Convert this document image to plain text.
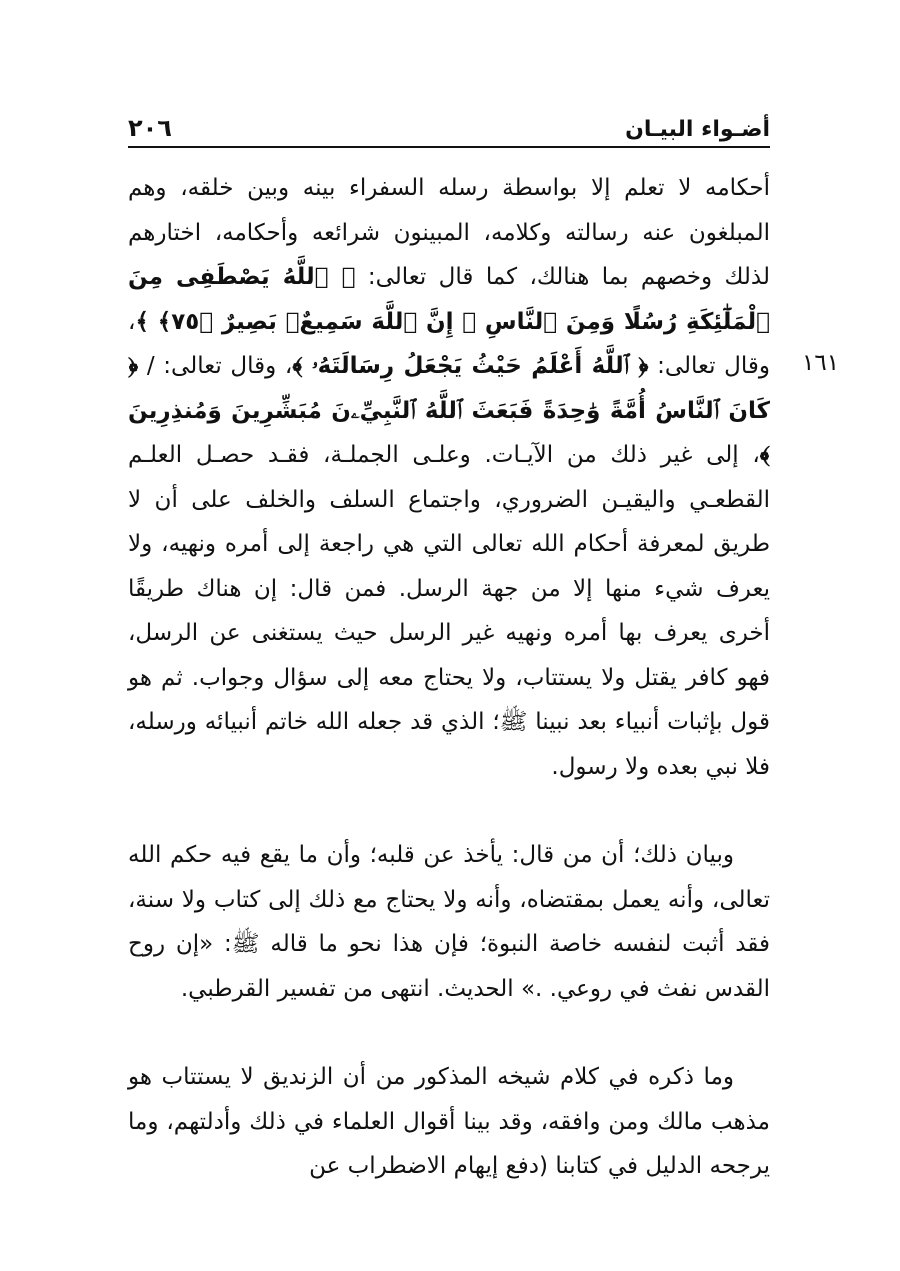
أضـواء البيـان
٢٠٦
١٦١

أحكامه لا تعلم إلا بواسطة رسله السفراء بينه وبين خلقه، وهم المبلغون عنه رسالته وكلامه، المبينون شرائعه وأحكامه، اختارهم لذلك وخصهم بما هنالك، كما قال تعالى: ﴿ ٱللَّهُ يَصْطَفِى مِنَ ٱلْمَلَٰٓئِكَةِ رُسُلًا وَمِنَ ٱلنَّاسِ ۚ إِنَّ ٱللَّهَ سَمِيعٌۢ بَصِيرٌ ﴿٧٥﴾ ﴾، وقال تعالى: ﴿ ٱللَّهُ أَعْلَمُ حَيْثُ يَجْعَلُ رِسَالَتَهُۥ ﴾، وقال تعالى: / ﴿ كَانَ ٱلنَّاسُ أُمَّةً وَٰحِدَةً فَبَعَثَ ٱللَّهُ ٱلنَّبِيِّۦنَ مُبَشِّرِينَ وَمُنذِرِينَ ﴾، إلى غير ذلك من الآيـات. وعلـى الجملـة، فقـد حصـل العلـم القطعـي واليقيـن الضروري، واجتماع السلف والخلف على أن لا طريق لمعرفة أحكام الله تعالى التي هي راجعة إلى أمره ونهيه، ولا يعرف شيء منها إلا من جهة الرسل. فمن قال: إن هناك طريقًا أخرى يعرف بها أمره ونهيه غير الرسل حيث يستغنى عن الرسل، فهو كافر يقتل ولا يستتاب، ولا يحتاج معه إلى سؤال وجواب. ثم هو قول بإثبات أنبياء بعد نبينا ﷺ؛ الذي قد جعله الله خاتم أنبيائه ورسله، فلا نبي بعده ولا رسول.

وبيان ذلك؛ أن من قال: يأخذ عن قلبه؛ وأن ما يقع فيه حكم الله تعالى، وأنه يعمل بمقتضاه، وأنه ولا يحتاج مع ذلك إلى كتاب ولا سنة، فقد أثبت لنفسه خاصة النبوة؛ فإن هذا نحو ما قاله ﷺ: «إن روح القدس نفث في روعي. .» الحديث. انتهى من تفسير القرطبي.

وما ذكره في كلام شيخه المذكور من أن الزنديق لا يستتاب هو مذهب مالك ومن وافقه، وقد بينا أقوال العلماء في ذلك وأدلتهم، وما يرجحه الدليل في كتابنا (دفع إيهام الاضطراب عن
